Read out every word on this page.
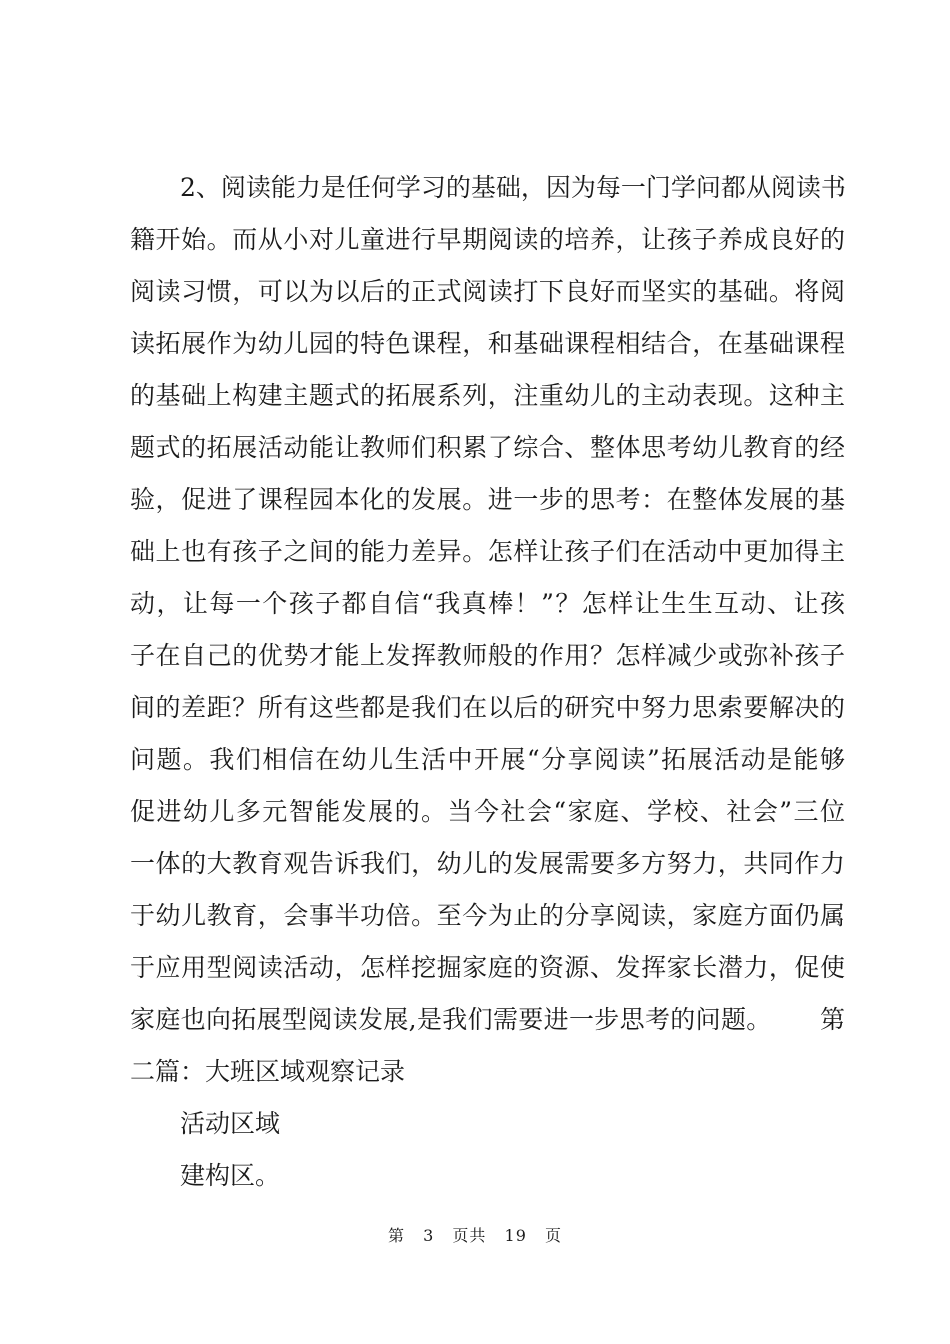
2、阅读能力是任何学习的基础，因为每一门学问都从阅读书
籍开始。而从小对儿童进行早期阅读的培养，让孩子养成良好的
阅读习惯，可以为以后的正式阅读打下良好而坚实的基础。将阅
读拓展作为幼儿园的特色课程，和基础课程相结合，在基础课程
的基础上构建主题式的拓展系列，注重幼儿的主动表现。这种主
题式的拓展活动能让教师们积累了综合、整体思考幼儿教育的经
验，促进了课程园本化的发展。进一步的思考：在整体发展的基
础上也有孩子之间的能力差异。怎样让孩子们在活动中更加得主
动，让每一个孩子都自信“我真棒！”？怎样让生生互动、让孩
子在自己的优势才能上发挥教师般的作用？怎样减少或弥补孩子
间的差距？所有这些都是我们在以后的研究中努力思索要解决的
问题。我们相信在幼儿生活中开展“分享阅读”拓展活动是能够
促进幼儿多元智能发展的。当今社会“家庭、学校、社会”三位
一体的大教育观告诉我们，幼儿的发展需要多方努力，共同作力
于幼儿教育，会事半功倍。至今为止的分享阅读，家庭方面仍属
于应用型阅读活动，怎样挖掘家庭的资源、发挥家长潜力，促使
家庭也向拓展型阅读发展,是我们需要进一步思考的问题。 第
二篇：大班区域观察记录
活动区域
建构区。
第 3 页共 19 页
